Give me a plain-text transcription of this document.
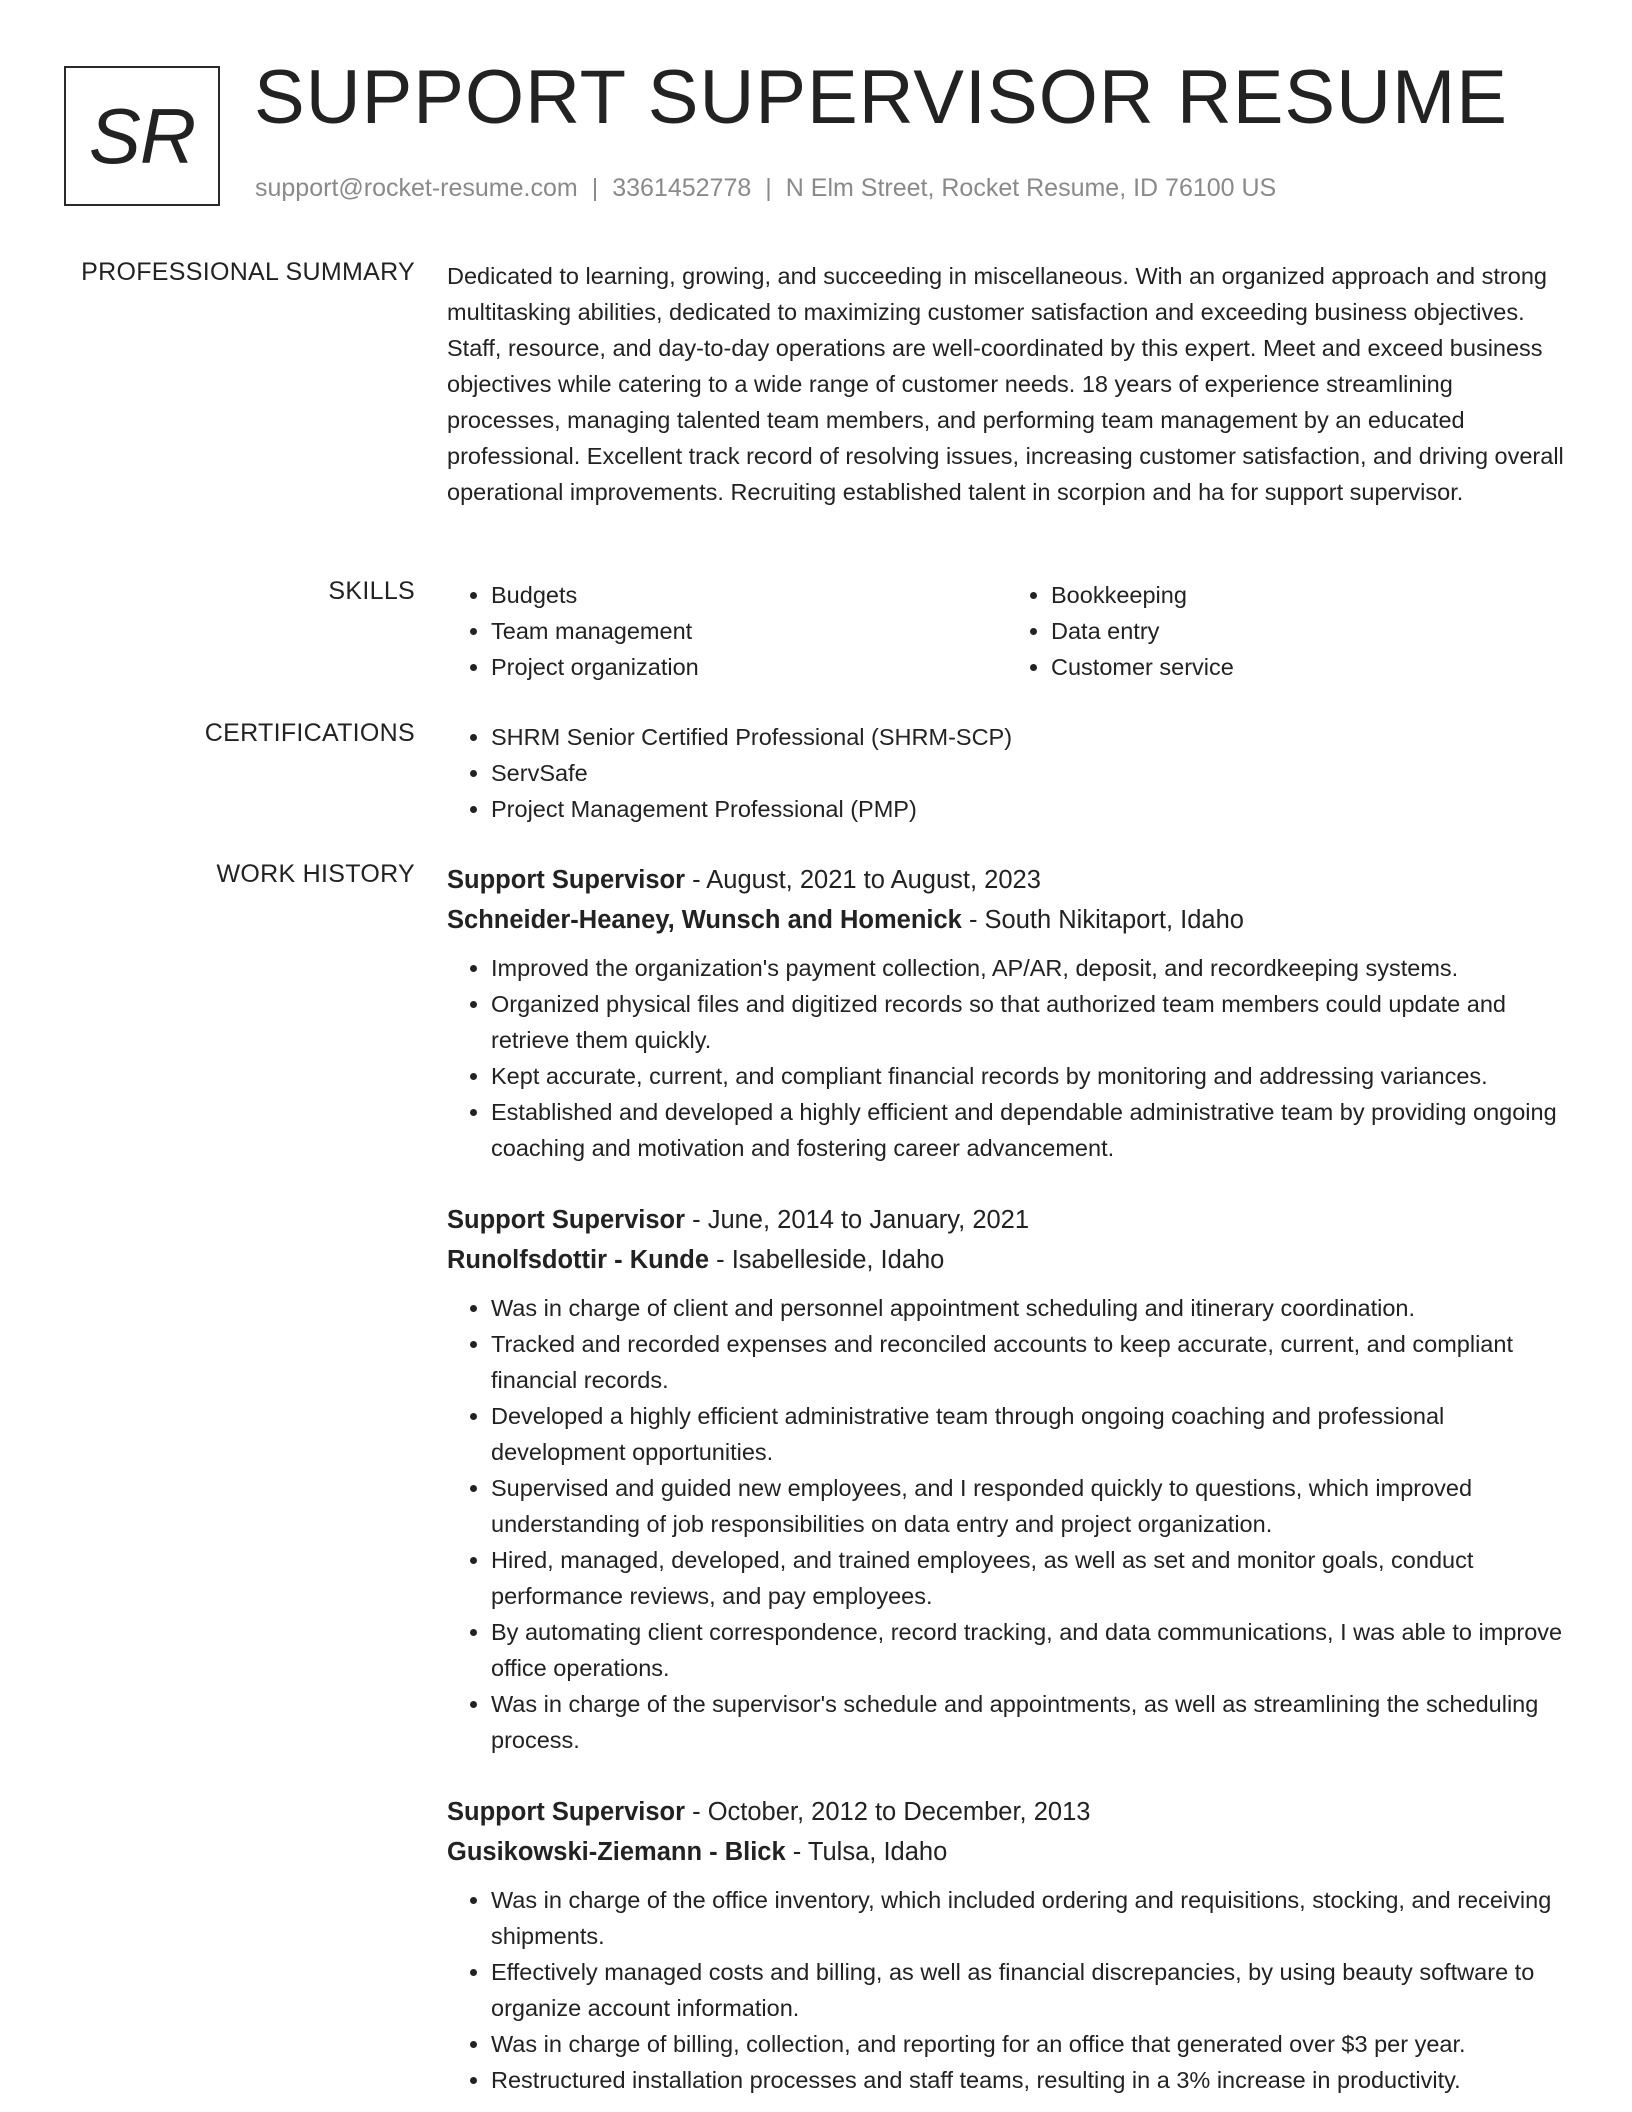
SR SUPPORT SUPERVISOR RESUME
support@rocket-resume.com | 3361452778 | N Elm Street, Rocket Resume, ID 76100 US
PROFESSIONAL SUMMARY Dedicated to learning, growing, and succeeding in miscellaneous. With an organized approach and strong multitasking abilities, dedicated to maximizing customer satisfaction and exceeding business objectives. Staff, resource, and day-to-day operations are well-coordinated by this expert. Meet and exceed business objectives while catering to a wide range of customer needs. 18 years of experience streamlining processes, managing talented team members, and performing team management by an educated professional. Excellent track record of resolving issues, increasing customer satisfaction, and driving overall operational improvements. Recruiting established talent in scorpion and ha for support supervisor.

SKILLS	• Budgets
• Team management
• Project organization
• Bookkeeping
• Data entry
• Customer service
CERTIFICATIONS	• SHRM Senior Certified Professional (SHRM-SCP)
• ServSafe
• Project Management Professional (PMP)
WORK HISTORY Support Supervisor - August, 2021 to August, 2023
Schneider-Heaney, Wunsch and Homenick - South Nikitaport, Idaho
• Improved the organization's payment collection, AP/AR, deposit, and recordkeeping systems.
• Organized physical files and digitized records so that authorized team members could update and retrieve them quickly.
• Kept accurate, current, and compliant financial records by monitoring and addressing variances.
• Established and developed a highly efficient and dependable administrative team by providing ongoing coaching and motivation and fostering career advancement.
Support Supervisor - June, 2014 to January, 2021
Runolfsdottir - Kunde - Isabelleside, Idaho
• Was in charge of client and personnel appointment scheduling and itinerary coordination.
• Tracked and recorded expenses and reconciled accounts to keep accurate, current, and compliant financial records.
• Developed a highly efficient administrative team through ongoing coaching and professional development opportunities.
• Supervised and guided new employees, and I responded quickly to questions, which improved understanding of job responsibilities on data entry and project organization.
• Hired, managed, developed, and trained employees, as well as set and monitor goals, conduct performance reviews, and pay employees.
• By automating client correspondence, record tracking, and data communications, I was able to improve office operations.
• Was in charge of the supervisor's schedule and appointments, as well as streamlining the scheduling process.
Support Supervisor - October, 2012 to December, 2013
Gusikowski-Ziemann - Blick - Tulsa, Idaho
• Was in charge of the office inventory, which included ordering and requisitions, stocking, and receiving shipments.
• Effectively managed costs and billing, as well as financial discrepancies, by using beauty software to organize account information.
• Was in charge of billing, collection, and reporting for an office that generated over $3 per year.
• Restructured installation processes and staff teams, resulting in a 3% increase in productivity.
